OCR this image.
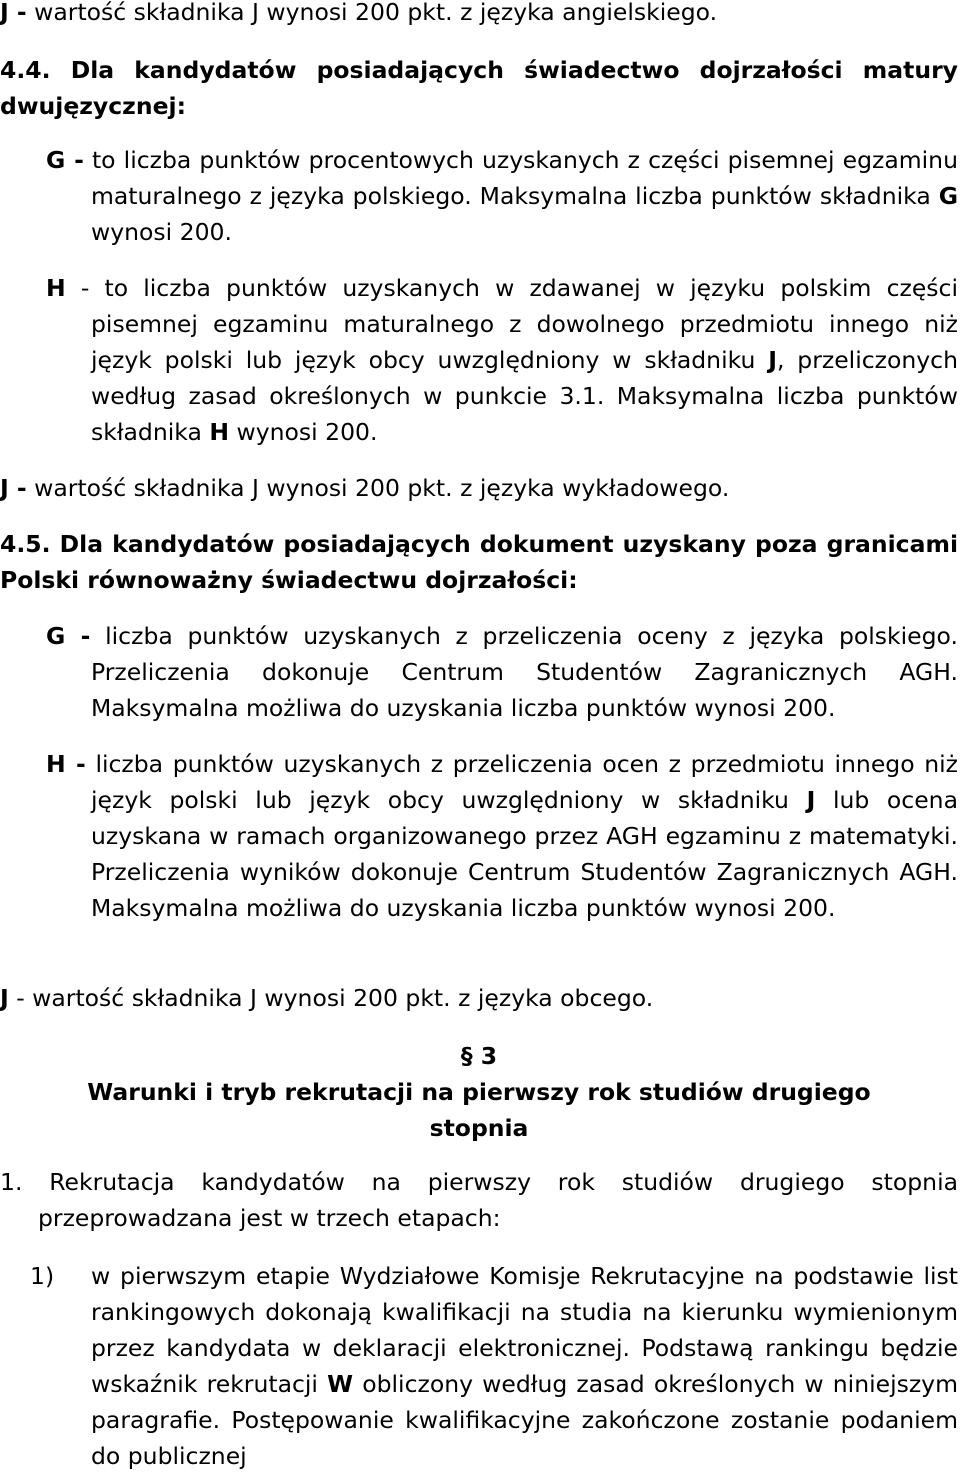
J - wartość składnika J wynosi 200 pkt. z języka angielskiego.
4.4. Dla kandydatów posiadających świadectwo dojrzałości matury dwujęzycznej:
G - to liczba punktów procentowych uzyskanych z części pisemnej egzaminu maturalnego z języka polskiego. Maksymalna liczba punktów składnika G wynosi 200.
H - to liczba punktów uzyskanych w zdawanej w języku polskim części pisemnej egzaminu maturalnego z dowolnego przedmiotu innego niż język polski lub język obcy uwzględniony w składniku J, przeliczonych według zasad określonych w punkcie 3.1. Maksymalna liczba punktów składnika H wynosi 200.
J - wartość składnika J wynosi 200 pkt. z języka wykładowego.
4.5. Dla kandydatów posiadających dokument uzyskany poza granicami Polski równoważny świadectwu dojrzałości:
G - liczba punktów uzyskanych z przeliczenia oceny z języka polskiego. Przeliczenia dokonuje Centrum Studentów Zagranicznych AGH. Maksymalna możliwa do uzyskania liczba punktów wynosi 200.
H - liczba punktów uzyskanych z przeliczenia ocen z przedmiotu innego niż język polski lub język obcy uwzględniony w składniku J lub ocena uzyskana w ramach organizowanego przez AGH egzaminu z matematyki. Przeliczenia wyników dokonuje Centrum Studentów Zagranicznych AGH. Maksymalna możliwa do uzyskania liczba punktów wynosi 200.
J - wartość składnika J wynosi 200 pkt. z języka obcego.
§ 3
Warunki i tryb rekrutacji na pierwszy rok studiów drugiego stopnia
1. Rekrutacja kandydatów na pierwszy rok studiów drugiego stopnia przeprowadzana jest w trzech etapach:
1) w pierwszym etapie Wydziałowe Komisje Rekrutacyjne na podstawie list rankingowych dokonają kwalifikacji na studia na kierunku wymienionym przez kandydata w deklaracji elektronicznej. Podstawą rankingu będzie wskaźnik rekrutacji W obliczony według zasad określonych w niniejszym paragrafie. Postępowanie kwalifikacyjne zakończone zostanie podaniem do publicznej
